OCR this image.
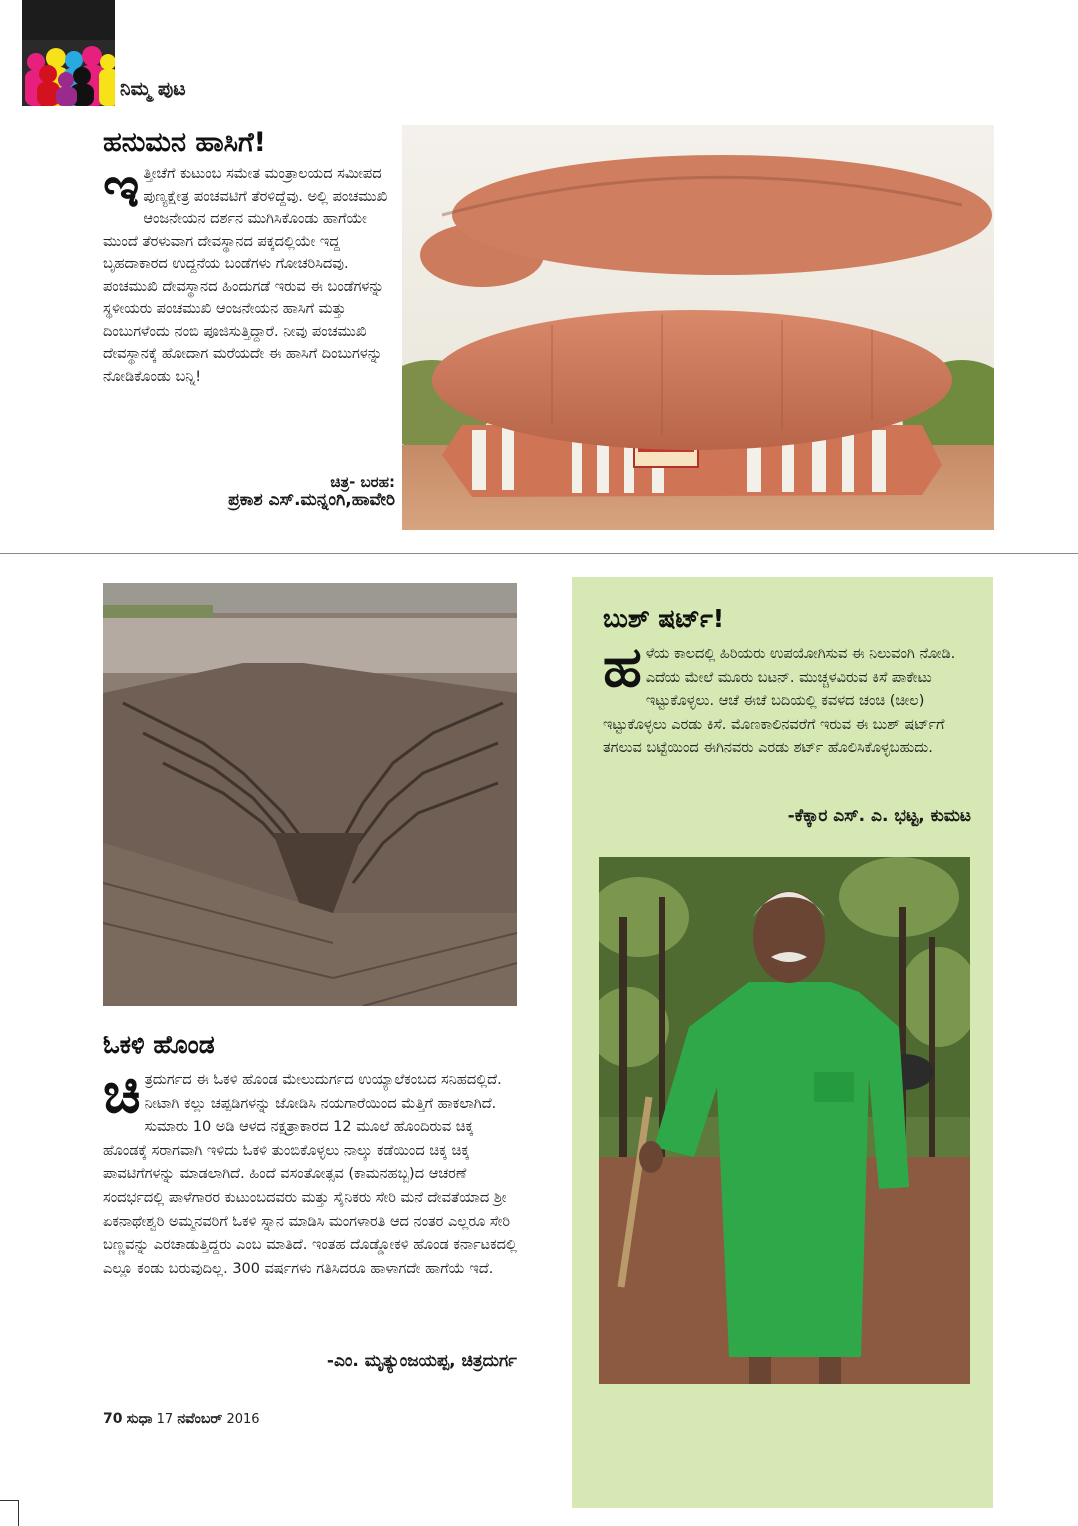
ನಿಮ್ಮ ಪುಟ
ಹನುಮನ ಹಾಸಿಗೆ!
ಇ ತ್ತೀಚೆಗೆ ಕುಟುಂಬ ಸಮೇತ ಮಂತ್ರಾಲಯದ ಸಮೀಪದ ಪುಣ್ಯಕ್ಷೇತ್ರ ಪಂಚವಟಿಗೆ ತೆರಳಿದ್ದೆವು. ಅಲ್ಲಿ ಪಂಚಮುಖಿ ಆಂಜನೇಯನ ದರ್ಶನ ಮುಗಿಸಿಕೊಂಡು ಹಾಗೆಯೇ ಮುಂದೆ ತೆರಳುವಾಗ ದೇವಸ್ಥಾನದ ಪಕ್ಕದಲ್ಲಿಯೇ ಇದ್ದ ಬೃಹದಾಕಾರದ ಉದ್ದನೆಯ ಬಂಡೆಗಳು ಗೋಚರಿಸಿದವು. ಪಂಚಮುಖಿ ದೇವಸ್ಥಾನದ ಹಿಂದುಗಡೆ ಇರುವ ಈ ಬಂಡೆಗಳನ್ನು ಸ್ಥಳೀಯರು ಪಂಚಮುಖಿ ಆಂಜನೇಯನ ಹಾಸಿಗೆ ಮತ್ತು ದಿಂಬುಗಳೆಂದು ನಂಬಿ ಪೂಜಿಸುತ್ತಿದ್ದಾರೆ. ನೀವು ಪಂಚಮುಖಿ ದೇವಸ್ಥಾನಕ್ಕೆ ಹೋದಾಗ ಮರೆಯದೇ ಈ ಹಾಸಿಗೆ ದಿಂಬುಗಳನ್ನು ನೋಡಿಕೊಂಡು ಬನ್ನಿ!
ಚಿತ್ರ- ಬರಹ:
ಪ್ರಕಾಶ ಎಸ್.ಮನ್ನಂಗಿ,ಹಾವೇರಿ
ಓಕಳಿ ಹೊಂಡ
ಚಿ ತ್ರದುರ್ಗದ ಈ ಓಕಳಿ ಹೊಂಡ ಮೇಲುದುರ್ಗದ ಉಯ್ಯಾಲೆಕಂಬದ ಸನಿಹದಲ್ಲಿದೆ. ನೀಟಾಗಿ ಕಲ್ಲು ಚಪ್ಪಡಿಗಳನ್ನು ಜೋಡಿಸಿ ನಯಗಾರೆಯಿಂದ ಮೆತ್ತಿಗೆ ಹಾಕಲಾಗಿದೆ. ಸುಮಾರು 10 ಅಡಿ ಆಳದ ನಕ್ಷತ್ರಾಕಾರದ 12 ಮೂಲೆ ಹೊಂದಿರುವ ಚಿಕ್ಕ ಹೊಂಡಕ್ಕೆ ಸರಾಗವಾಗಿ ಇಳಿದು ಓಕಳಿ ತುಂಬಿಕೊಳ್ಳಲು ನಾಲ್ಕು ಕಡೆಯಿಂದ ಚಿಕ್ಕ ಚಿಕ್ಕ ಪಾವಟಿಗೆಗಳನ್ನು ಮಾಡಲಾಗಿದೆ. ಹಿಂದೆ ವಸಂತೋತ್ಸವ (ಕಾಮನಹಬ್ಬ)ದ ಆಚರಣೆ ಸಂದರ್ಭದಲ್ಲಿ ಪಾಳೆಗಾರರ ಕುಟುಂಬದವರು ಮತ್ತು ಸೈನಿಕರು ಸೇರಿ ಮನೆ ದೇವತೆಯಾದ ಶ್ರೀ ಏಕನಾಥೇಶ್ವರಿ ಅಮ್ಮನವರಿಗೆ ಓಕಳಿ ಸ್ನಾನ ಮಾಡಿಸಿ ಮಂಗಳಾರತಿ ಆದ ನಂತರ ಎಲ್ಲರೂ ಸೇರಿ ಬಣ್ಣವನ್ನು ಎರಚಾಡುತ್ತಿದ್ದರು ಎಂಬ ಮಾತಿದೆ. ಇಂತಹ ದೊಡ್ಡೋಕಳಿ ಹೊಂಡ ಕರ್ನಾಟಕದಲ್ಲಿ ಎಲ್ಲೂ ಕಂಡು ಬರುವುದಿಲ್ಲ. 300 ವರ್ಷಗಳು ಗತಿಸಿದರೂ ಹಾಳಾಗದೇ ಹಾಗೆಯೆ ಇದೆ.
-ಎಂ. ಮೃತ್ಯುಂಜಯಪ್ಪ, ಚಿತ್ರದುರ್ಗ
ಬುಶ್ ಷರ್ಟ್!
ಹ ಳೆಯ ಕಾಲದಲ್ಲಿ ಹಿರಿಯರು ಉಪಯೋಗಿಸುವ ಈ ನಿಲುವಂಗಿ ನೋಡಿ. ಎದೆಯ ಮೇಲೆ ಮೂರು ಬಟನ್. ಮುಚ್ಚಳವಿರುವ ಕಿಸೆ ಪಾಕೇಟು ಇಟ್ಟುಕೊಳ್ಳಲು. ಆಚೆ ಈಚೆ ಬದಿಯಲ್ಲಿ ಕವಳದ ಚಂಚಿ (ಚೀಲ) ಇಟ್ಟುಕೊಳ್ಳಲು ಎರಡು ಕಿಸೆ. ಮೊಣಕಾಲಿನವರೆಗೆ ಇರುವ ಈ ಬುಶ್ ಷರ್ಟ್‌ಗೆ ತಗಲುವ ಬಟ್ಟೆಯಿಂದ ಈಗಿನವರು ಎರಡು ಶರ್ಟ್ ಹೊಲಿಸಿಕೊಳ್ಳಬಹುದು.
-ಕೆಕ್ಕಾರ ಎಸ್. ಎ. ಭಟ್ಟ, ಕುಮಟ
70 ಸುಧಾ 17 ನವೆಂಬರ್ 2016
